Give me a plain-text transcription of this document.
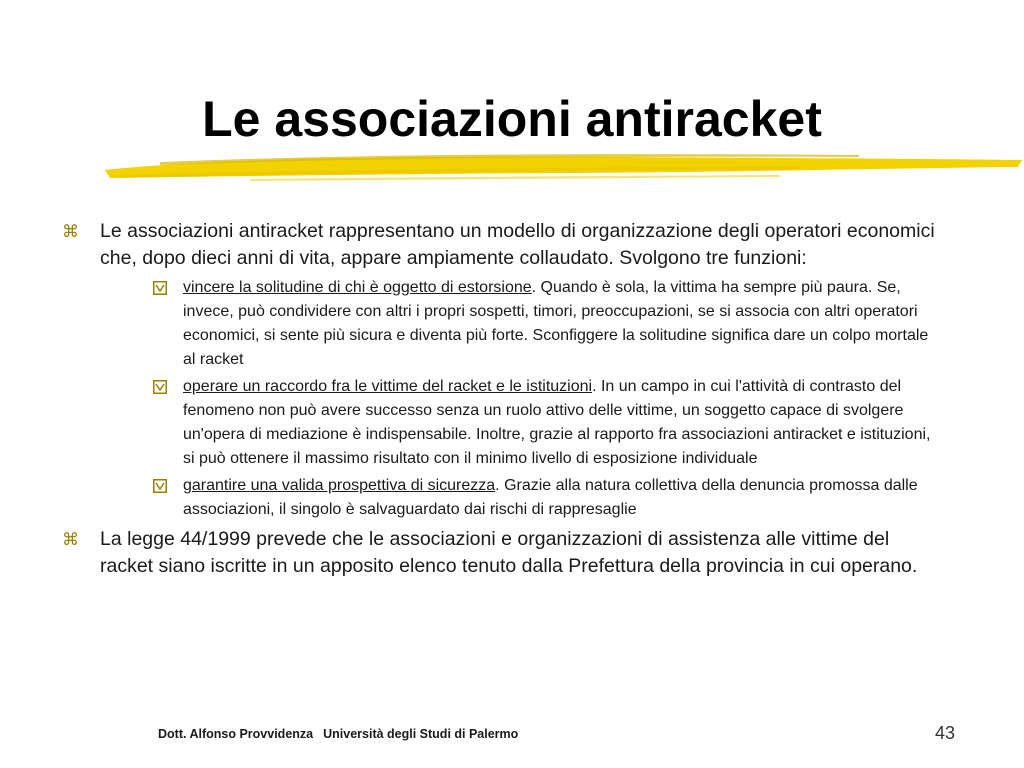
Le associazioni antiracket
⌘ Le associazioni antiracket rappresentano un modello di organizzazione degli operatori economici che, dopo dieci anni di vita, appare ampiamente collaudato. Svolgono tre funzioni:
vincere la solitudine di chi è oggetto di estorsione. Quando è sola, la vittima ha sempre più paura. Se, invece, può condividere con altri i propri sospetti, timori, preoccupazioni, se si associa con altri operatori economici, si sente più sicura e diventa più forte. Sconfiggere la solitudine significa dare un colpo mortale al racket
operare un raccordo fra le vittime del racket e le istituzioni. In un campo in cui l'attività di contrasto del fenomeno non può avere successo senza un ruolo attivo delle vittime, un soggetto capace di svolgere un'opera di mediazione è indispensabile. Inoltre, grazie al rapporto fra associazioni antiracket e istituzioni, si può ottenere il massimo risultato con il minimo livello di esposizione individuale
garantire una valida prospettiva di sicurezza. Grazie alla natura collettiva della denuncia promossa dalle associazioni, il singolo è salvaguardato dai rischi di rappresaglie
⌘ La legge 44/1999 prevede che le associazioni e organizzazioni di assistenza alle vittime del racket siano iscritte in un apposito elenco tenuto dalla Prefettura della provincia in cui operano.
Dott. Alfonso Provvidenza Università degli Studi di Palermo	43
